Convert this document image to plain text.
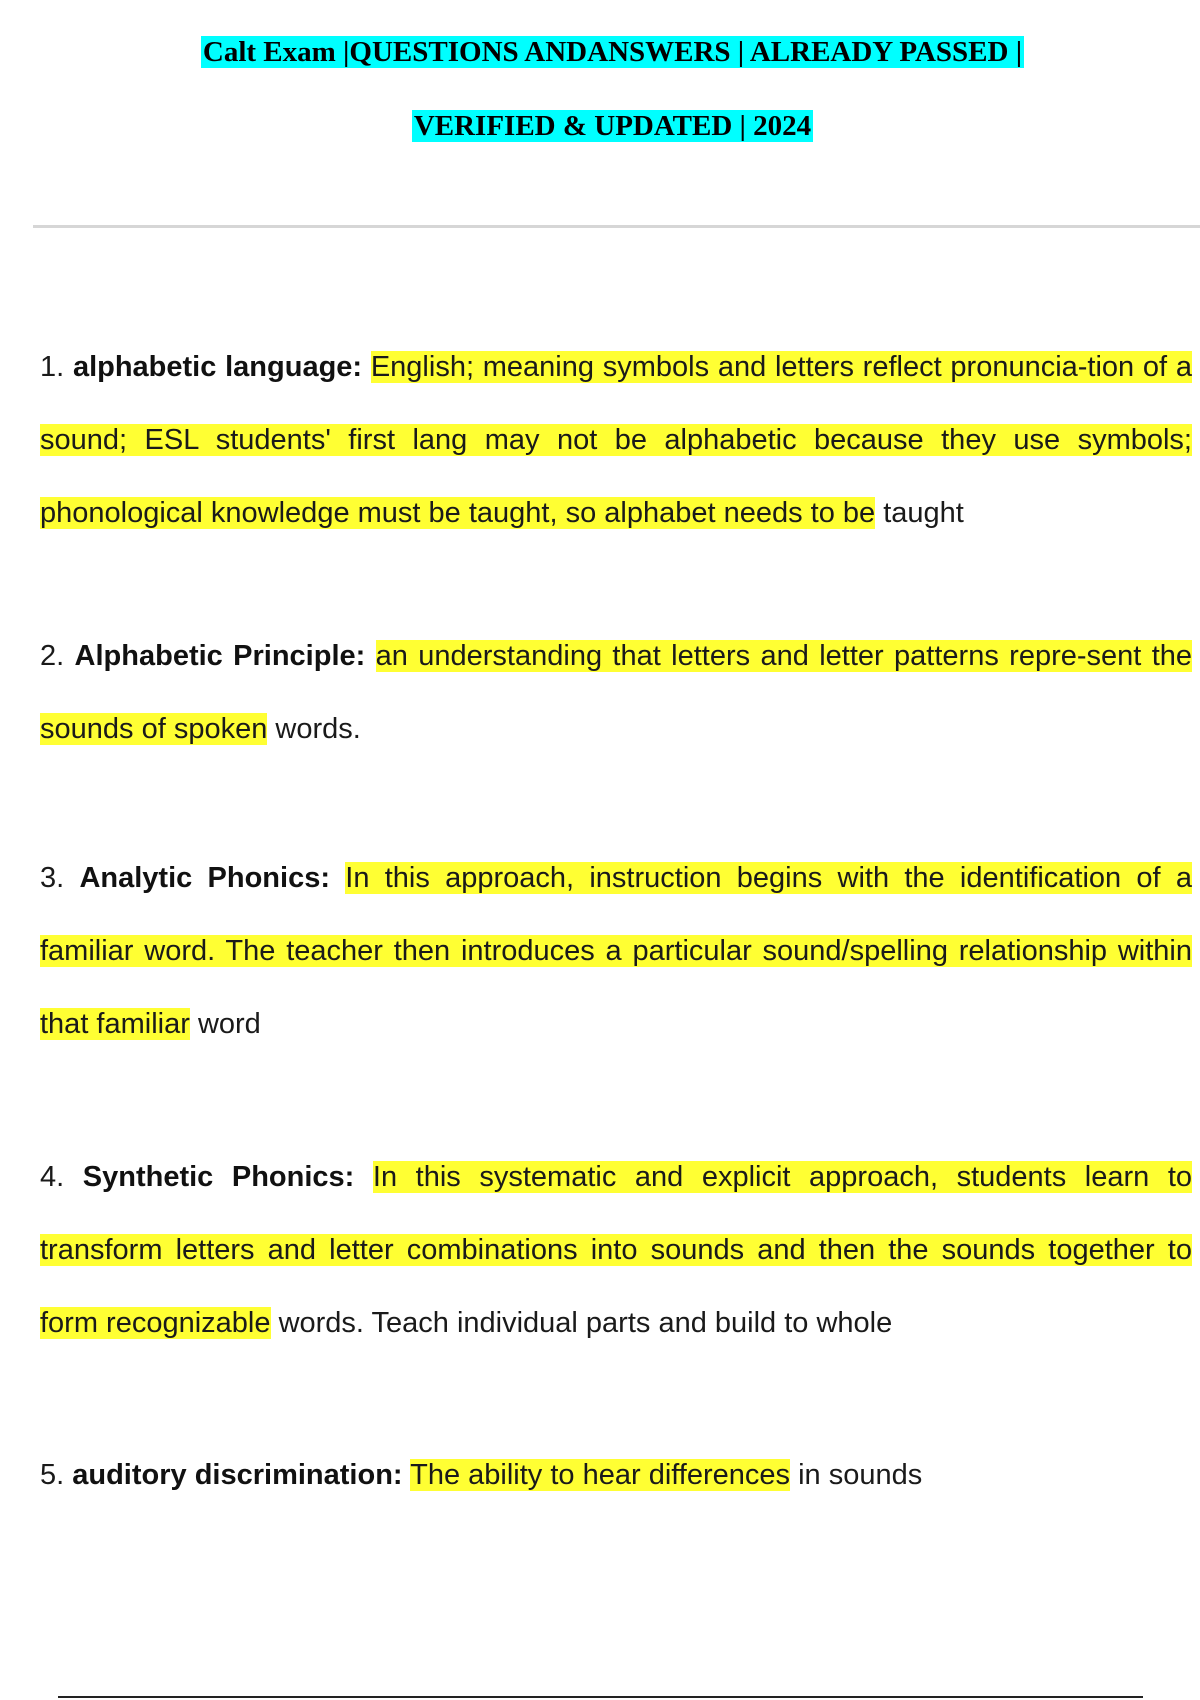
Calt Exam |QUESTIONS ANDANSWERS | ALREADY PASSED |
VERIFIED & UPDATED | 2024

1. alphabetic language: English; meaning symbols and letters reflect pronuncia-tion of a sound; ESL students' first lang may not be alphabetic because they use symbols; phonological knowledge must be taught, so alphabet needs to be taught

2. Alphabetic Principle: an understanding that letters and letter patterns repre-sent the sounds of spoken words.

3. Analytic Phonics: In this approach, instruction begins with the identification of a familiar word. The teacher then introduces a particular sound/spelling relationship within that familiar word

4. Synthetic Phonics: In this systematic and explicit approach, students learn to transform letters and letter combinations into sounds and then the sounds together to form recognizable words. Teach individual parts and build to whole

5. auditory discrimination: The ability to hear differences in sounds
